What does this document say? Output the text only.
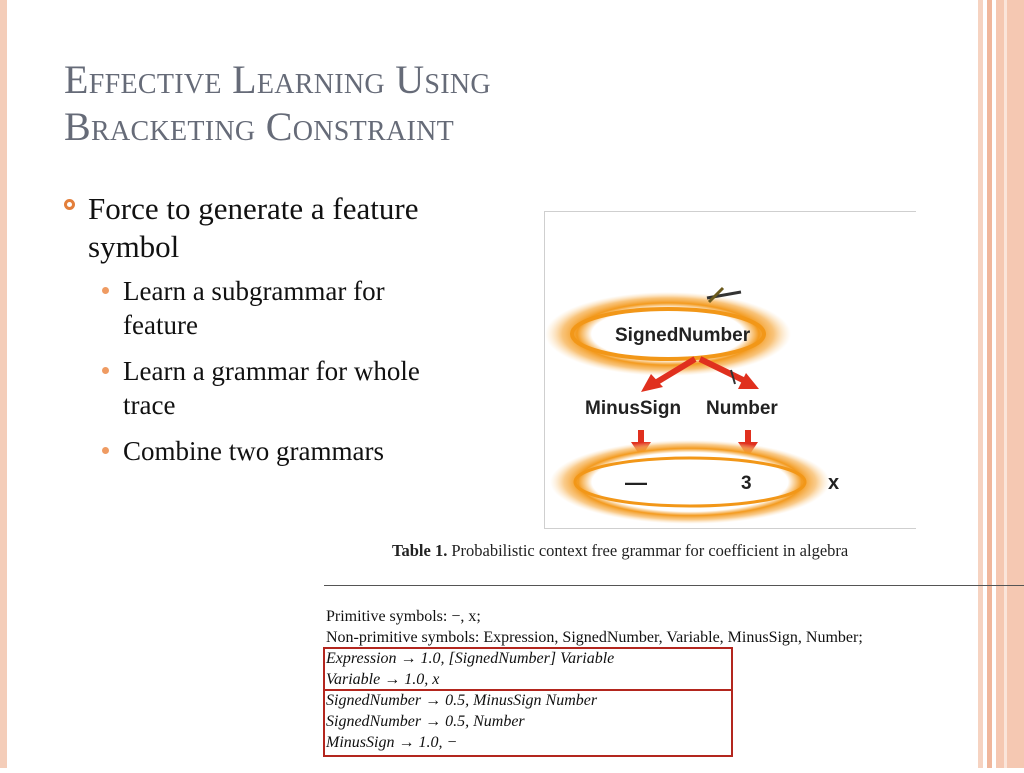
Effective Learning Using
Bracketing Constraint
Force to generate a feature symbol
Learn a subgrammar for feature
Learn a grammar for whole trace
Combine two grammars
SignedNumber
MinusSign Number
—	3	x
Table 1. Probabilistic context free grammar for coefficient in algebra
Primitive symbols: −, x;
Non-primitive symbols: Expression, SignedNumber, Variable, MinusSign, Number;
Expression → 1.0, [SignedNumber] Variable
Variable → 1.0, x
SignedNumber → 0.5, MinusSign Number
SignedNumber → 0.5, Number
MinusSign → 1.0, −
